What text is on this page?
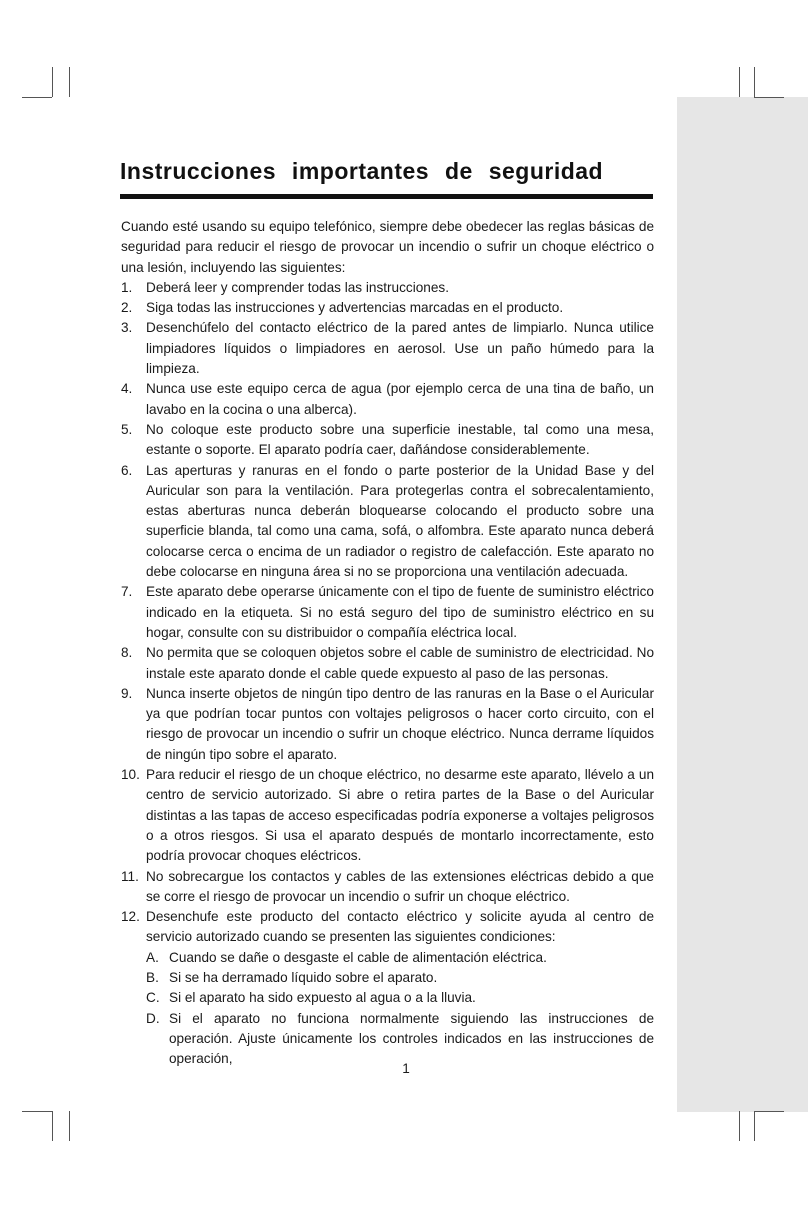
Instrucciones importantes de seguridad

Cuando esté usando su equipo telefónico, siempre debe obedecer las reglas básicas de seguridad para reducir el riesgo de provocar un incendio o sufrir un choque eléctrico o una lesión, incluyendo las siguientes:

1. Deberá leer y comprender todas las instrucciones.
2. Siga todas las instrucciones y advertencias marcadas en el producto.
3. Desenchúfelo del contacto eléctrico de la pared antes de limpiarlo. Nunca utilice limpiadores líquidos o limpiadores en aerosol. Use un paño húmedo para la limpieza.
4. Nunca use este equipo cerca de agua (por ejemplo cerca de una tina de baño, un lavabo en la cocina o una alberca).
5. No coloque este producto sobre una superficie inestable, tal como una mesa, estante o soporte. El aparato podría caer, dañándose considerablemente.
6. Las aperturas y ranuras en el fondo o parte posterior de la Unidad Base y del Auricular son para la ventilación. Para protegerlas contra el sobrecalentamiento, estas aberturas nunca deberán bloquearse colocando el producto sobre una superficie blanda, tal como una cama, sofá, o alfombra. Este aparato nunca deberá colocarse cerca o encima de un radiador o registro de calefacción. Este aparato no debe colocarse en ninguna área si no se proporciona una ventilación adecuada.
7. Este aparato debe operarse únicamente con el tipo de fuente de suministro eléctrico indicado en la etiqueta. Si no está seguro del tipo de suministro eléctrico en su hogar, consulte con su distribuidor o compañía eléctrica local.
8. No permita que se coloquen objetos sobre el cable de suministro de electricidad. No instale este aparato donde el cable quede expuesto al paso de las personas.
9. Nunca inserte objetos de ningún tipo dentro de las ranuras en la Base o el Auricular ya que podrían tocar puntos con voltajes peligrosos o hacer corto circuito, con el riesgo de provocar un incendio o sufrir un choque eléctrico. Nunca derrame líquidos de ningún tipo sobre el aparato.
10. Para reducir el riesgo de un choque eléctrico, no desarme este aparato, llévelo a un centro de servicio autorizado. Si abre o retira partes de la Base o del Auricular distintas a las tapas de acceso especificadas podría exponerse a voltajes peligrosos o a otros riesgos. Si usa el aparato después de montarlo incorrectamente, esto podría provocar choques eléctricos.
11. No sobrecargue los contactos y cables de las extensiones eléctricas debido a que se corre el riesgo de provocar un incendio o sufrir un choque eléctrico.
12. Desenchufe este producto del contacto eléctrico y solicite ayuda al centro de servicio autorizado cuando se presenten las siguientes condiciones:
A. Cuando se dañe o desgaste el cable de alimentación eléctrica.
B. Si se ha derramado líquido sobre el aparato.
C. Si el aparato ha sido expuesto al agua o a la lluvia.
D. Si el aparato no funciona normalmente siguiendo las instrucciones de operación. Ajuste únicamente los controles indicados en las instrucciones de operación,
1
